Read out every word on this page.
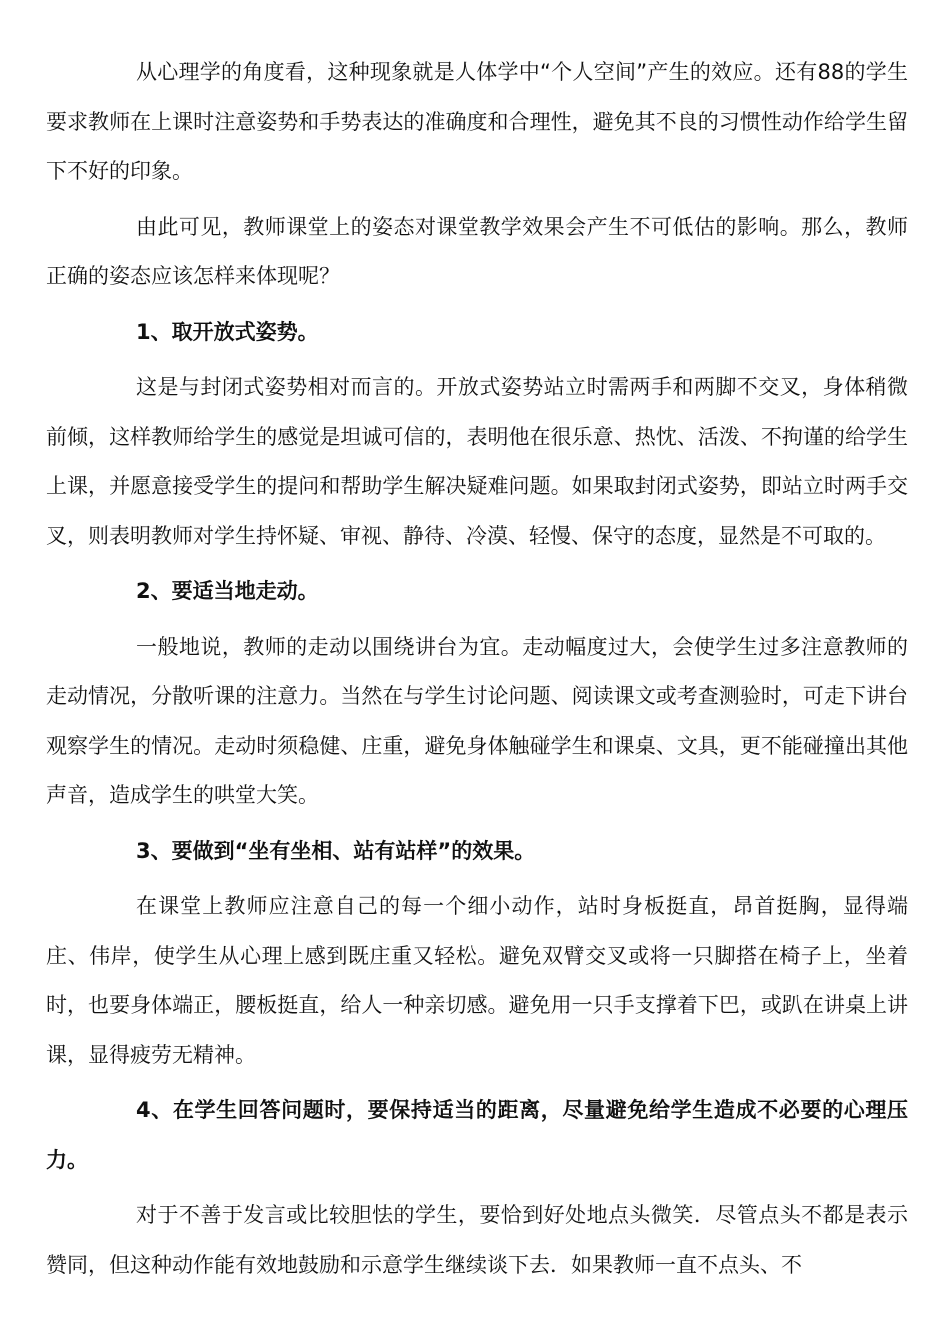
从心理学的角度看，这种现象就是人体学中“个人空间”产生的效应。还有88的学生要求教师在上课时注意姿势和手势表达的准确度和合理性，避免其不良的习惯性动作给学生留下不好的印象。

由此可见，教师课堂上的姿态对课堂教学效果会产生不可低估的影响。那么，教师正确的姿态应该怎样来体现呢？

1、取开放式姿势。

这是与封闭式姿势相对而言的。开放式姿势站立时需两手和两脚不交叉，身体稍微前倾，这样教师给学生的感觉是坦诚可信的，表明他在很乐意、热忱、活泼、不拘谨的给学生上课，并愿意接受学生的提问和帮助学生解决疑难问题。如果取封闭式姿势，即站立时两手交叉，则表明教师对学生持怀疑、审视、静待、冷漠、轻慢、保守的态度，显然是不可取的。

2、要适当地走动。

一般地说，教师的走动以围绕讲台为宜。走动幅度过大，会使学生过多注意教师的走动情况，分散听课的注意力。当然在与学生讨论问题、阅读课文或考查测验时，可走下讲台观察学生的情况。走动时须稳健、庄重，避免身体触碰学生和课桌、文具，更不能碰撞出其他声音，造成学生的哄堂大笑。

3、要做到“坐有坐相、站有站样”的效果。

在课堂上教师应注意自己的每一个细小动作，站时身板挺直，昂首挺胸，显得端庄、伟岸，使学生从心理上感到既庄重又轻松。避免双臂交叉或将一只脚搭在椅子上，坐着时，也要身体端正，腰板挺直，给人一种亲切感。避免用一只手支撑着下巴，或趴在讲桌上讲课，显得疲劳无精神。

4、在学生回答问题时，要保持适当的距离，尽量避免给学生造成不必要的心理压力。

对于不善于发言或比较胆怯的学生，要恰到好处地点头微笑．尽管点头不都是表示赞同，但这种动作能有效地鼓励和示意学生继续谈下去．如果教师一直不点头、不
